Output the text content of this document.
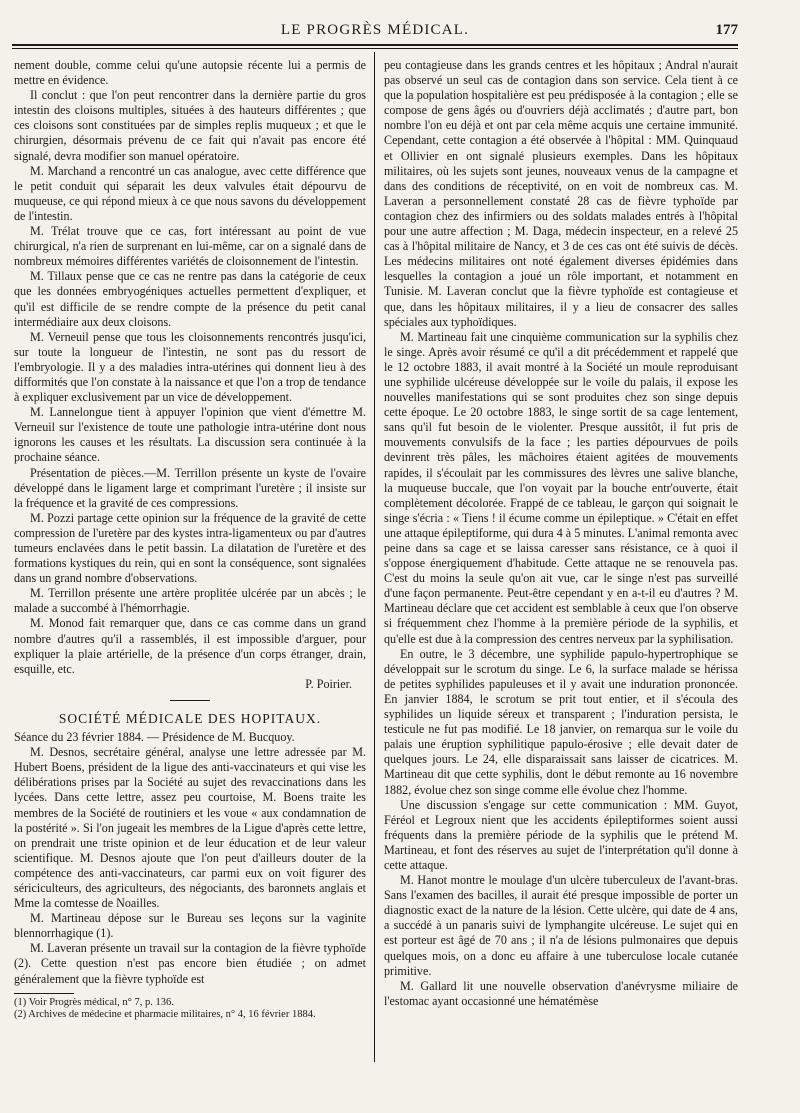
LE PROGRÈS MÉDICAL.	177

nement double, comme celui qu'une autopsie récente lui a permis de mettre en évidence.

Il conclut : que l'on peut rencontrer dans la dernière partie du gros intestin des cloisons multiples, situées à des hauteurs différentes ; que ces cloisons sont constituées par de simples replis muqueux ; et que le chirurgien, désormais prévenu de ce fait qui n'avait pas encore été signalé, devra modifier son manuel opératoire.

M. Marchand a rencontré un cas analogue, avec cette différence que le petit conduit qui séparait les deux valvules était dépourvu de muqueuse, ce qui répond mieux à ce que nous savons du développement de l'intestin.

M. Trélat trouve que ce cas, fort intéressant au point de vue chirurgical, n'a rien de surprenant en lui-même, car on a signalé dans de nombreux mémoires différentes variétés de cloisonnement de l'intestin.

M. Tillaux pense que ce cas ne rentre pas dans la catégorie de ceux que les données embryogéniques actuelles permettent d'expliquer, et qu'il est difficile de se rendre compte de la présence du petit canal intermédiaire aux deux cloisons.

M. Verneuil pense que tous les cloisonnements rencontrés jusqu'ici, sur toute la longueur de l'intestin, ne sont pas du ressort de l'embryologie. Il y a des maladies intra-utérines qui donnent lieu à des difformités que l'on constate à la naissance et que l'on a trop de tendance à expliquer exclusivement par un vice de développement.

M. Lannelongue tient à appuyer l'opinion que vient d'émettre M. Verneuil sur l'existence de toute une pathologie intra-utérine dont nous ignorons les causes et les résultats. La discussion sera continuée à la prochaine séance.

Présentation de pièces.—M. Terrillon présente un kyste de l'ovaire développé dans le ligament large et comprimant l'uretère ; il insiste sur la fréquence et la gravité de ces compressions.

M. Pozzi partage cette opinion sur la fréquence de la gravité de cette compression de l'uretère par des kystes intra-ligamenteux ou par d'autres tumeurs enclavées dans le petit bassin. La dilatation de l'uretère et des formations kystiques du rein, qui en sont la conséquence, sont signalées dans un grand nombre d'observations.

M. Terrillon présente une artère proplitée ulcérée par un abcès ; le malade a succombé à l'hémorrhagie.

M. Monod fait remarquer que, dans ce cas comme dans un grand nombre d'autres qu'il a rassemblés, il est impossible d'arguer, pour expliquer la plaie artérielle, de la présence d'un corps étranger, drain, esquille, etc.

P. Poirier.

SOCIÉTÉ MÉDICALE DES HOPITAUX.

Séance du 23 février 1884. — Présidence de M. Bucquoy.

M. Desnos, secrétaire général, analyse une lettre adressée par M. Hubert Boens, président de la ligue des anti-vaccinateurs et qui vise les délibérations prises par la Société au sujet des revaccinations dans les lycées. Dans cette lettre, assez peu courtoise, M. Boens traite les membres de la Société de routiniers et les voue « aux condamnation de la postérité ». Si l'on jugeait les membres de la Ligue d'après cette lettre, on prendrait une triste opinion et de leur éducation et de leur valeur scientifique. M. Desnos ajoute que l'on peut d'ailleurs douter de la compétence des anti-vaccinateurs, car parmi eux on voit figurer des sériciculteurs, des agriculteurs, des négociants, des baronnets anglais et Mme la comtesse de Noailles.

M. Martineau dépose sur le Bureau ses leçons sur la vaginite blennorrhagique (1).

M. Laveran présente un travail sur la contagion de la fièvre typhoïde (2). Cette question n'est pas encore bien étudiée ; on admet généralement que la fièvre typhoïde est

(1) Voir Progrès médical, n° 7, p. 136.

(2) Archives de médecine et pharmacie militaires, n° 4, 16 février 1884.

peu contagieuse dans les grands centres et les hôpitaux ; Andral n'aurait pas observé un seul cas de contagion dans son service. Cela tient à ce que la population hospitalière est peu prédisposée à la contagion ; elle se compose de gens âgés ou d'ouvriers déjà acclimatés ; d'autre part, bon nombre l'on eu déjà et ont par cela même acquis une certaine immunité. Cependant, cette contagion a été observée à l'hôpital : MM. Quinquaud et Ollivier en ont signalé plusieurs exemples. Dans les hôpitaux militaires, où les sujets sont jeunes, nouveaux venus de la campagne et dans des conditions de réceptivité, on en voit de nombreux cas. M. Laveran a personnellement constaté 28 cas de fièvre typhoïde par contagion chez des infirmiers ou des soldats malades entrés à l'hôpital pour une autre affection ; M. Daga, médecin inspecteur, en a relevé 25 cas à l'hôpital militaire de Nancy, et 3 de ces cas ont été suivis de décès. Les médecins militaires ont noté également diverses épidémies dans lesquelles la contagion a joué un rôle important, et notamment en Tunisie. M. Laveran conclut que la fièvre typhoïde est contagieuse et que, dans les hôpitaux militaires, il y a lieu de consacrer des salles spéciales aux typhoïdiques.

M. Martineau fait une cinquième communication sur la syphilis chez le singe. Après avoir résumé ce qu'il a dit précédemment et rappelé que le 12 octobre 1883, il avait montré à la Société un moule reproduisant une syphilide ulcéreuse développée sur le voile du palais, il expose les nouvelles manifestations qui se sont produites chez son singe depuis cette époque. Le 20 octobre 1883, le singe sortit de sa cage lentement, sans qu'il fut besoin de le violenter. Presque aussitôt, il fut pris de mouvements convulsifs de la face ; les parties dépourvues de poils devinrent très pâles, les mâchoires étaient agitées de mouvements rapides, il s'écoulait par les commissures des lèvres une salive blanche, la muqueuse buccale, que l'on voyait par la bouche entr'ouverte, était complètement décolorée. Frappé de ce tableau, le garçon qui soignait le singe s'écria : « Tiens ! il écume comme un épileptique. » C'était en effet une attaque épileptiforme, qui dura 4 à 5 minutes. L'animal remonta avec peine dans sa cage et se laissa caresser sans résistance, ce à quoi il s'oppose énergiquement d'habitude. Cette attaque ne se renouvela pas. C'est du moins la seule qu'on ait vue, car le singe n'est pas surveillé d'une façon permanente. Peut-être cependant y en a-t-il eu d'autres ? M. Martineau déclare que cet accident est semblable à ceux que l'on observe si fréquemment chez l'homme à la première période de la syphilis, et qu'elle est due à la compression des centres nerveux par la syphilisation.

En outre, le 3 décembre, une syphilide papulo-hypertrophique se développait sur le scrotum du singe. Le 6, la surface malade se hérissa de petites syphilides papuleuses et il y avait une induration prononcée. En janvier 1884, le scrotum se prit tout entier, et il s'écoula des syphilides un liquide séreux et transparent ; l'induration persista, le testicule ne fut pas modifié. Le 18 janvier, on remarqua sur le voile du palais une éruption syphilitique papulo-érosive ; elle devait dater de quelques jours. Le 24, elle disparaissait sans laisser de cicatrices. M. Martineau dit que cette syphilis, dont le début remonte au 16 novembre 1882, évolue chez son singe comme elle évolue chez l'homme.

Une discussion s'engage sur cette communication : MM. Guyot, Féréol et Legroux nient que les accidents épileptiformes soient aussi fréquents dans la première période de la syphilis que le prétend M. Martineau, et font des réserves au sujet de l'interprétation qu'il donne à cette attaque.

M. Hanot montre le moulage d'un ulcère tuberculeux de l'avant-bras. Sans l'examen des bacilles, il aurait été presque impossible de porter un diagnostic exact de la nature de la lésion. Cette ulcère, qui date de 4 ans, a succédé à un panaris suivi de lymphangite ulcéreuse. Le sujet qui en est porteur est âgé de 70 ans ; il n'a de lésions pulmonaires que depuis quelques mois, on a donc eu affaire à une tuberculose locale cutanée primitive.

M. Gallard lit une nouvelle observation d'anévrysme miliaire de l'estomac ayant occasionné une hématémèse
